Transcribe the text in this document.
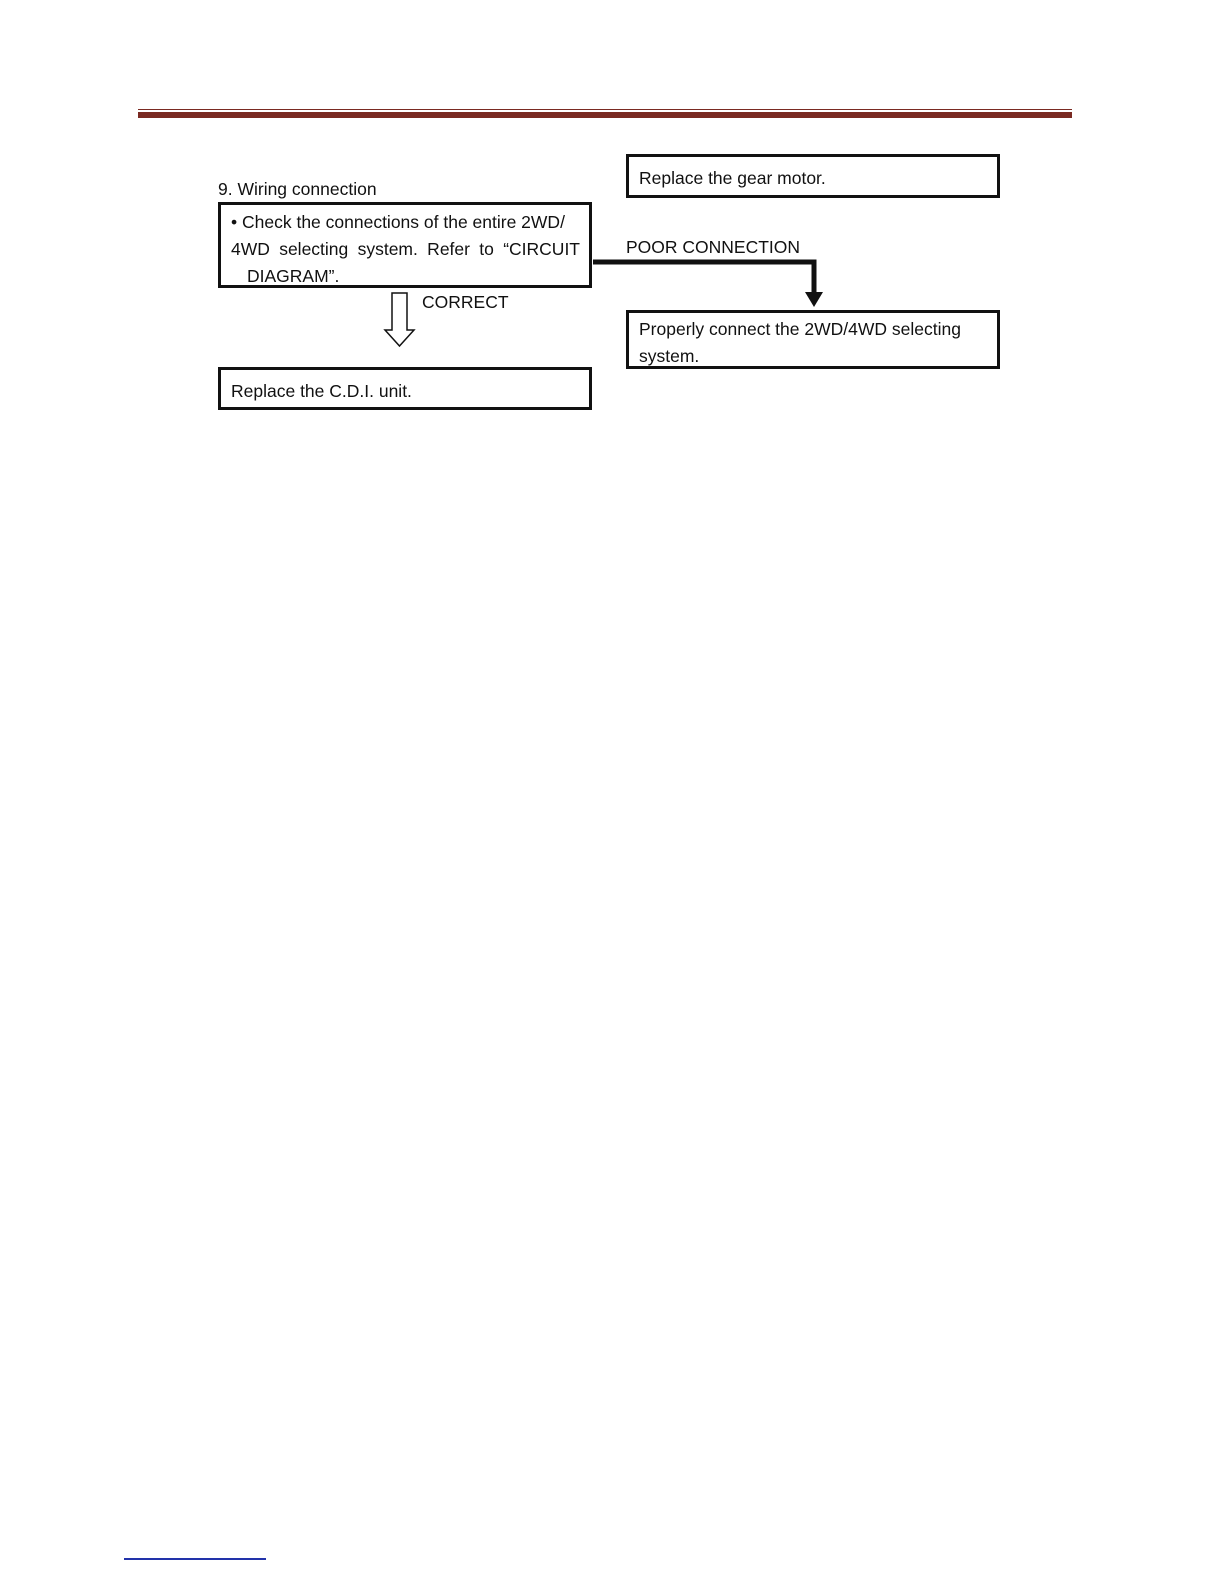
9. Wiring connection
• Check the connections of the entire 2WD/
4WD selecting system. Refer to “CIRCUIT
DIAGRAM”.
Replace the gear motor.
POOR CONNECTION
CORRECT
Properly connect the 2WD/4WD selecting
system.
Replace the C.D.I. unit.
